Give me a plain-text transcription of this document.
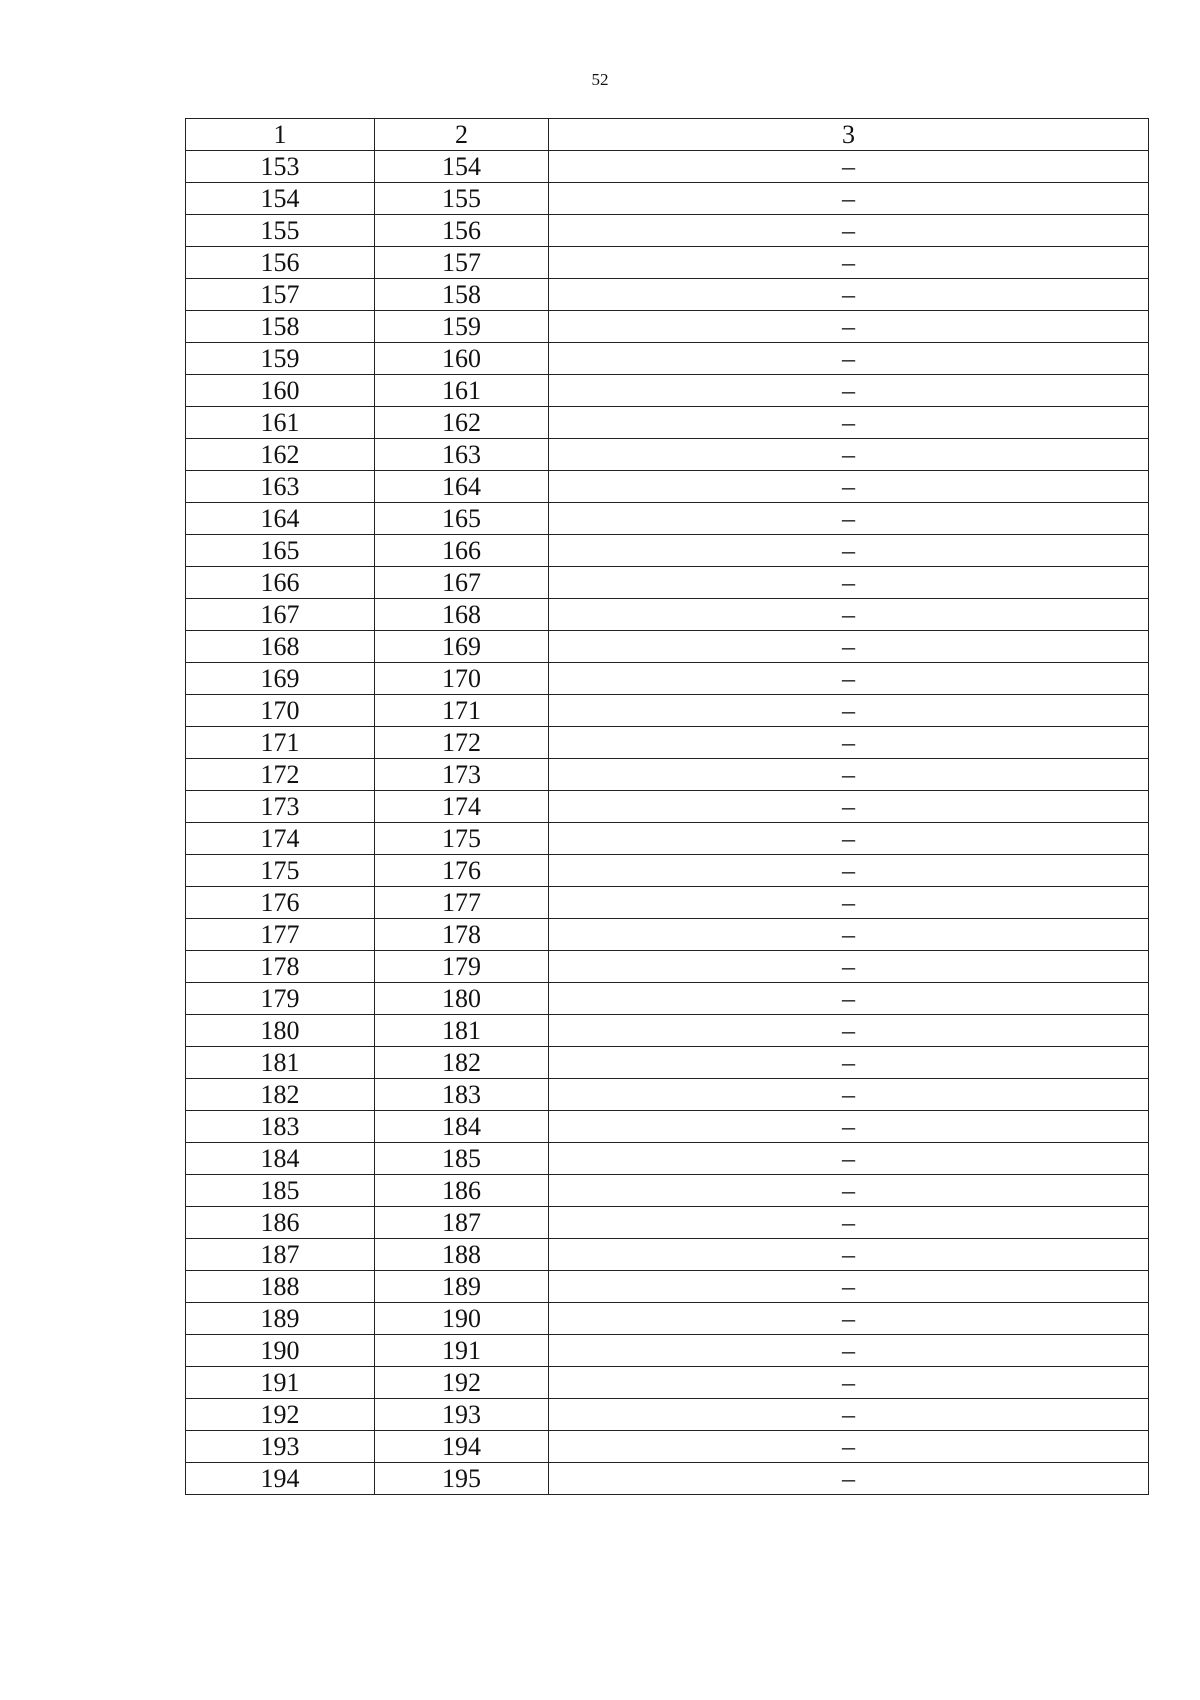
52
1	2	3
153	154	–
154	155	–
155	156	–
156	157	–
157	158	–
158	159	–
159	160	–
160	161	–
161	162	–
162	163	–
163	164	–
164	165	–
165	166	–
166	167	–
167	168	–
168	169	–
169	170	–
170	171	–
171	172	–
172	173	–
173	174	–
174	175	–
175	176	–
176	177	–
177	178	–
178	179	–
179	180	–
180	181	–
181	182	–
182	183	–
183	184	–
184	185	–
185	186	–
186	187	–
187	188	–
188	189	–
189	190	–
190	191	–
191	192	–
192	193	–
193	194	–
194	195	–
